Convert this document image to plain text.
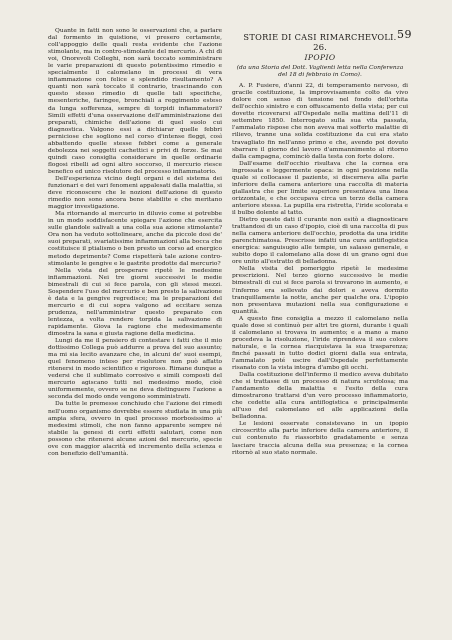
59

Quante in fatti non sono le osservazioni che, a parlare dal formento in quistione, vi presero certamente, coll'appoggio delle quali resta evidente che l'azione stimolante, ma in contro-stimolante del mercurio. A chi di voi, Onorevoli Colleghi, non sarà toccato somministrare le varie preparazioni di questo potentissimo rimedio e specialmente il calomelano in processi di vera infiammazione con felice e splendido risultamento? A quanti non sarà toccato il contrario, trascinando con questo stesso rimedio di quelle tali specifiche, mesenteriche, faringee, bronchiali a reggimento esteso da lunga sofferenza, sempre di torpidi infiammatorii? Simili effetti d'una osservazione dell'amministrazione dei preparati, chimiche dell'azione di quel suolo cui diagnostica. Valgono essi a dichiarar quelle febbri perniciose che sogliono nel corso d'intense fleggi, così abbattendo quelle stesse febbri come a generale debolezza nei soggetti cachettici e privi di forze. Se mai quindi caso consiglia considerare in quelle ordinarie flogosi ribelli ad ogni altro soccorso, il mercurio riesce benefico ed unico risolutore del processo infiammatorio.

Dell'esperienza vicino degli organi e del sistema dei funzionari e dei vari fenomeni appalesati dalla malattia, si deve riconoscere che le nozioni dell'azione di questo rimedio non sono ancora bene stabilite e che meritano maggior investigazione.

Ma ritornando al mercurio in diluvio come si potrebbe in un modo soddisfacente spiegare l'azione che esercita sulle glandole salivali a una colla sua azione stimolante? Ora non ha veduto sottolineare, anche da piccole dosi de' suoi preparati, svariatissime infiammazioni alla bocca che costituisce il ptialismo o ben presto un corso ad energico metodo deprimente? Come rispetterà tale azione contro-stimolante le gengive e le gastrite prodotte dal mercurio?

Nella vista del prosperare ripetè le medesime infiammazioni. Nei tre giorni successivi le medie bimestrali di cui si fece parola, con gli stessi mezzi. Sospendere l'uso del mercurio e ben presto la salivazione è data e la gengive regredisce; ma le preparazioni del mercurio e di cui sopra valgono ad eccitare senza prudenza, nell'amministrar questo preparato con lentezza, a volta rendere torpida la salivazione di rapidamente. Giova la ragione che medesimamente dimostra la sana e giusta ragione della medicina.

Lungi da me il pensiero di contestare i fatti che il mio dottissimo Collega può addurre a prova del suo assunto; ma mi sia lecito avanzare che, in alcuni de' suoi esempi, quel fenomeno inteso per risolutore non può affatto ritenersi in modo scientifico e rigoroso. Rimane dunque a vedersi che il sublimato corrosivo e simili composti del mercurio agiscano tutti nel medesimo modo, cioè uniformemente, ovvero se ne deva distinguere l'azione a seconda del modo onde vengono somministrati.

Da tutte le premesse conchiudo che l'azione dei rimedi nell'uomo organismo dovrebbe essere studiata in una più ampia sfera, ovvero in quel processo morbosissimo a' medesimi stimoli, che non fanno apparente sempre né stabile la genesi di certi effetti salutari, come non possono che ritenersi alcune azioni del mercurio, specie ove con maggior alacrità ed incremento della scienza e con benefizio dell'umanità.

STORIE DI CASI RIMARCHEVOLI.
26.
IPOPIO

(da una Storia del Dott. Vaglienti letta nella Conferenza del 18 di febbraio in Como).

A. P. Fusiere, d'anni 22, di temperamento nervoso, di gracile costituzione, la improvvisamente colto da vivo dolore con senso di tensione nel fondo dell'orbita dell'occhio sinistro e con offuscamento della vista; per cui dovette ricoverarsi all'Ospedale nella mattina dell'11 di settembre 1850. Interrogato sulla sua vita passata, l'ammalato rispose che non aveva mai sofferto malattie di rilievo, tranne una solida costituzione da cui era stato travagliato fin nell'anno primo e che, avendo poi dovuto sbarrare il giorno del lavoro d'ammannimento al ritorno dalla campagna, cominciò dalla testa con forte dolore.

Dall'esame dell'occhio risultava che la cornea era ingrossata e leggermente opaca: in ogni posizione nella quale si collocasse il paziente, si discerneva alla parte inferiore della camera anteriore una raccolta di materia giallastra che per limite superiore presentava una linea orizzontale, e che occupava circa un terzo della camera anteriore stessa. La pupilla era ristretta, l'iride scolorata e il bulbo dolente al tatto.

Dietro queste dati il curante non esitò a diagnosticare trattandosi di un caso d'ipopio, cioè di una raccolta di pus nella camera anteriore dell'occhio, prodotta da una iridite parenchimatosa. Prescrisse infatti una cura antiflogistica energica: sanguisugio alle tempie, un salasso generale, e subito dopo il calomelano alla dose di un grano ogni due ore unito all'estratto di belladonna.

Nella visita del pomeriggio ripetè le medesime prescrizioni. Nel terzo giorno successivo le medie bimestrali di cui si fece parola si trovarono in aumento, e l'infermo era sollevato dai dolori e aveva dormito tranquillamente la notte, anche per qualche ora. L'ipopio non presentava mutazioni nella sua configurazione e quantità.

A questo fine consiglia a mezzo il calomelano nella quale dose si continuò per altri tre giorni, durante i quali il calomelano si trovava in aumento; e a mano a mano procedeva la risoluzione, l'iride riprendeva il suo colore naturale, e la cornea riacquistava la sua trasparenza; finché passati in tutto dodici giorni dalla sua entrata, l'ammalato poté uscire dall'Ospedale perfettamente risanato con la vista integra d'ambo gli occhi.

Dalla costituzione dell'infermo il medico aveva dubitato che si trattasse di un processo di natura scrofolosa; ma l'andamento della malattia e l'esito della cura dimostrarono trattarsi d'un vero processo infiammatorio, che cedette alla cura antiflogistica e principalmente all'uso del calomelano ed alle applicazioni della belladonna.

Le lesioni osservate consistevano in un ipopio circoscritto alla parte inferiore della camera anteriore, il cui contenuto fu riassorbito gradatamente e senza lasciare traccia alcuna della sua presenza; e la cornea ritornò al suo stato normale.
